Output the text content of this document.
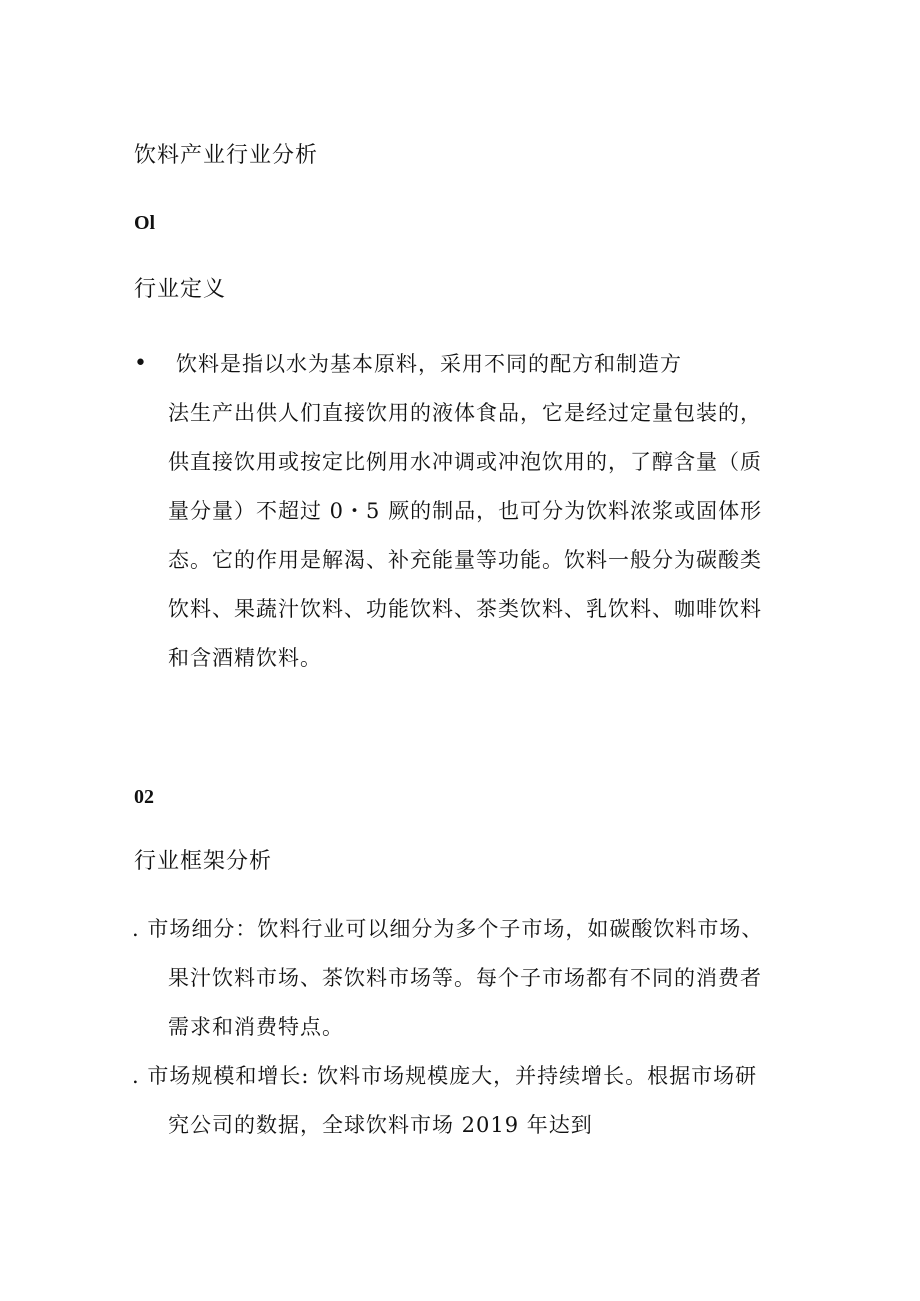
饮料产业行业分析
Ol
行业定义
•	饮料是指以水为基本原料，采用不同的配方和制造方
法生产出供人们直接饮用的液体食品，它是经过定量包装的，
供直接饮用或按定比例用水冲调或冲泡饮用的，了醇含量（质
量分量）不超过 0・5 厥的制品，也可分为饮料浓浆或固体形
态。它的作用是解渴、补充能量等功能。饮料一般分为碳酸类
饮料、果蔬汁饮料、功能饮料、茶类饮料、乳饮料、咖啡饮料
和含酒精饮料。
02
行业框架分析
. 市场细分：饮料行业可以细分为多个子市场，如碳酸饮料市场、
果汁饮料市场、茶饮料市场等。每个子市场都有不同的消费者
需求和消费特点。
. 市场规模和增长: 饮料市场规模庞大，并持续增长。根据市场研
究公司的数据，全球饮料市场 2019 年达到
